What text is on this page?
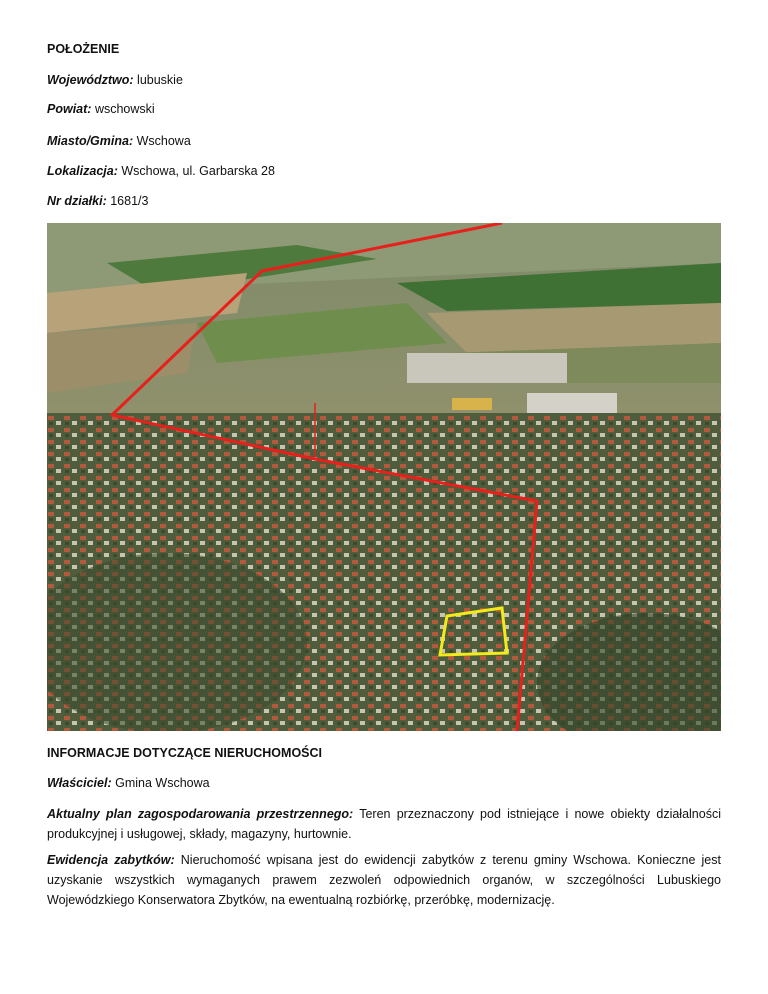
POŁOŻENIE
Województwo: lubuskie
Powiat: wschowski
Miasto/Gmina: Wschowa
Lokalizacja: Wschowa, ul. Garbarska 28
Nr działki: 1681/3
INFORMACJE DOTYCZĄCE NIERUCHOMOŚCI
Właściciel: Gmina Wschowa
Aktualny plan zagospodarowania przestrzennego: Teren przeznaczony pod istniejące i nowe obiekty działalności produkcyjnej i usługowej, składy, magazyny, hurtownie.
Ewidencja zabytków: Nieruchomość wpisana jest do ewidencji zabytków z terenu gminy Wschowa. Konieczne jest uzyskanie wszystkich wymaganych prawem zezwoleń odpowiednich organów, w szczególności Lubuskiego Wojewódzkiego Konserwatora Zbytków, na ewentualną rozbiórkę, przeróbkę, modernizację.
